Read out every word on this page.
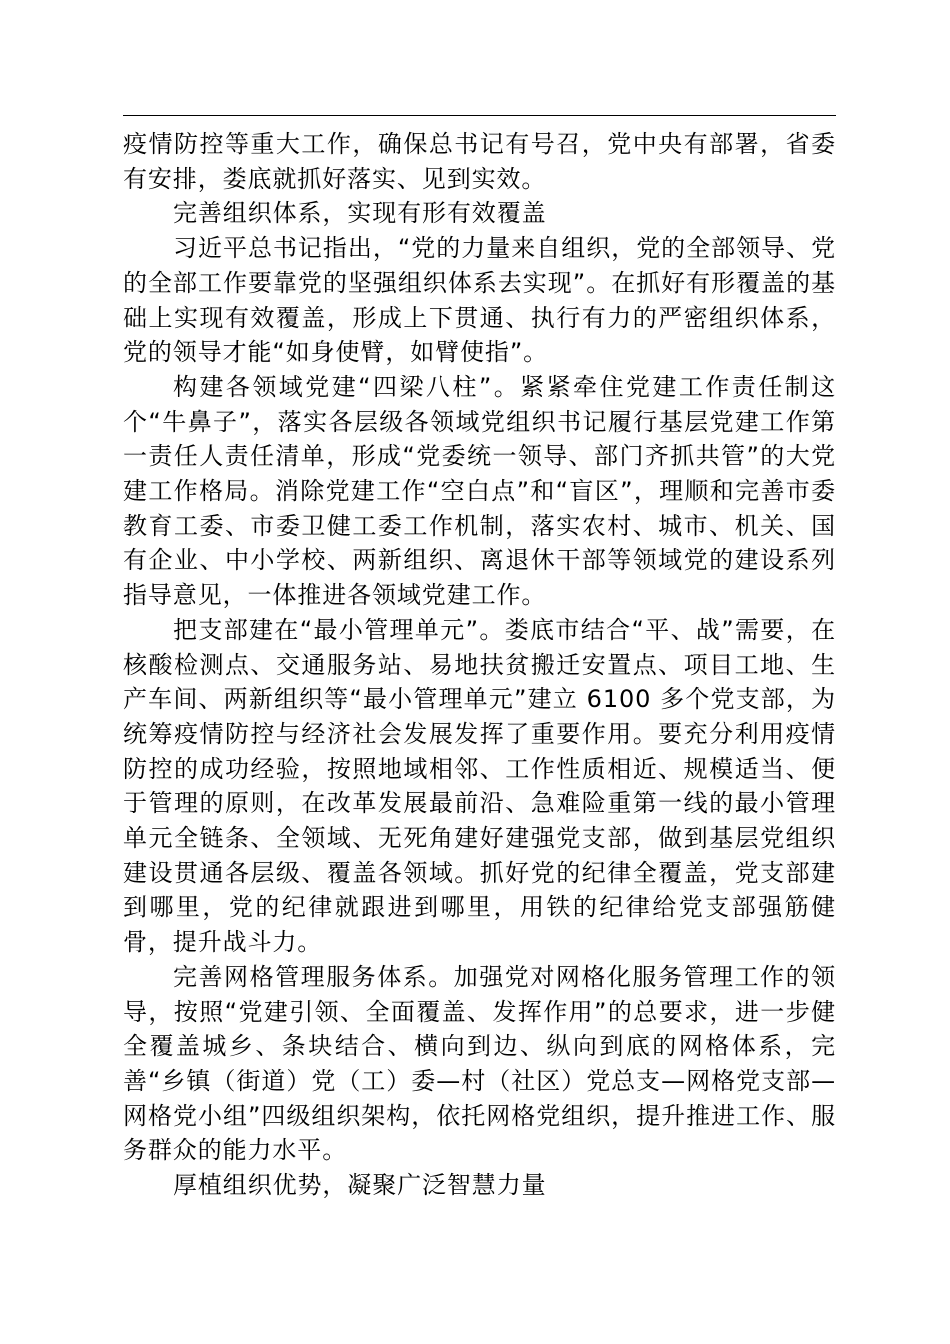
疫情防控等重大工作，确保总书记有号召，党中央有部署，省委有安排，娄底就抓好落实、见到实效。

完善组织体系，实现有形有效覆盖

习近平总书记指出，“党的力量来自组织，党的全部领导、党的全部工作要靠党的坚强组织体系去实现”。在抓好有形覆盖的基础上实现有效覆盖，形成上下贯通、执行有力的严密组织体系，党的领导才能“如身使臂，如臂使指”。

构建各领域党建“四梁八柱”。紧紧牵住党建工作责任制这个“牛鼻子”，落实各层级各领域党组织书记履行基层党建工作第一责任人责任清单，形成“党委统一领导、部门齐抓共管”的大党建工作格局。消除党建工作“空白点”和“盲区”，理顺和完善市委教育工委、市委卫健工委工作机制，落实农村、城市、机关、国有企业、中小学校、两新组织、离退休干部等领域党的建设系列指导意见，一体推进各领域党建工作。

把支部建在“最小管理单元”。娄底市结合“平、战”需要，在核酸检测点、交通服务站、易地扶贫搬迁安置点、项目工地、生产车间、两新组织等“最小管理单元”建立 6100 多个党支部，为统筹疫情防控与经济社会发展发挥了重要作用。要充分利用疫情防控的成功经验，按照地域相邻、工作性质相近、规模适当、便于管理的原则，在改革发展最前沿、急难险重第一线的最小管理单元全链条、全领域、无死角建好建强党支部，做到基层党组织建设贯通各层级、覆盖各领域。抓好党的纪律全覆盖，党支部建到哪里，党的纪律就跟进到哪里，用铁的纪律给党支部强筋健骨，提升战斗力。

完善网格管理服务体系。加强党对网格化服务管理工作的领导，按照“党建引领、全面覆盖、发挥作用”的总要求，进一步健全覆盖城乡、条块结合、横向到边、纵向到底的网格体系，完善“乡镇（街道）党（工）委—村（社区）党总支—网格党支部—网格党小组”四级组织架构，依托网格党组织，提升推进工作、服务群众的能力水平。

厚植组织优势，凝聚广泛智慧力量
